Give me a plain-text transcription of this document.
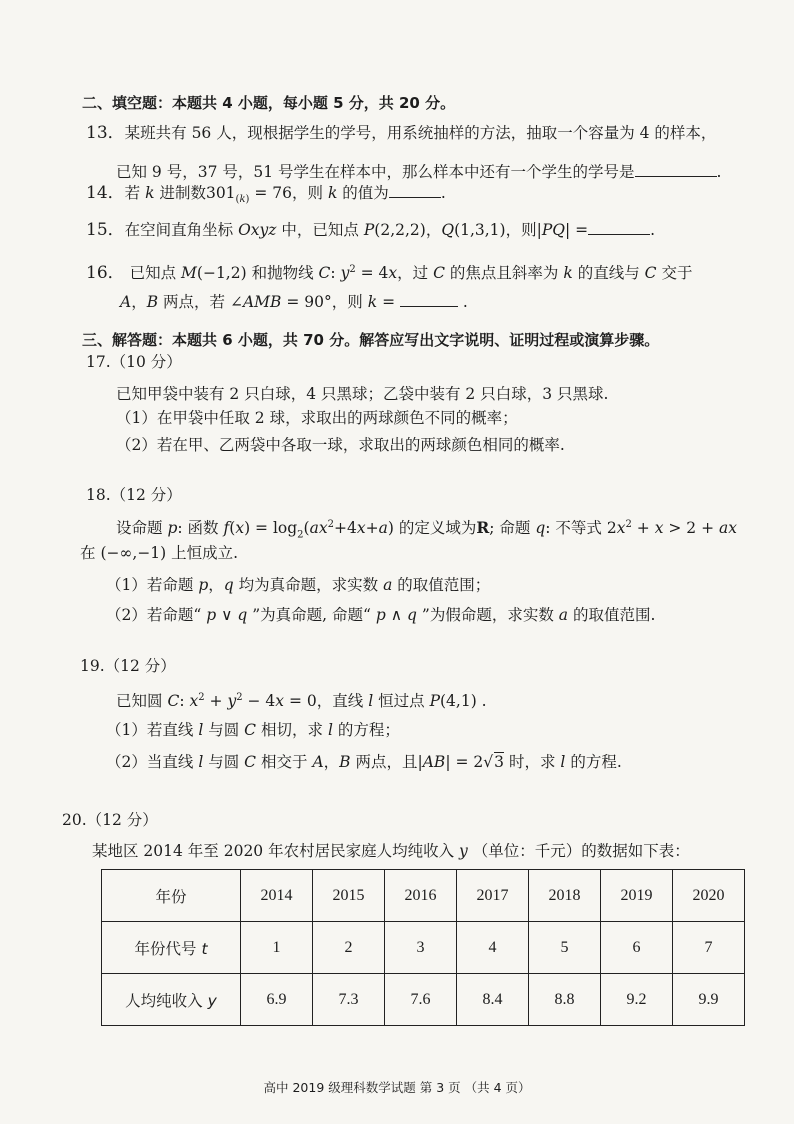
二、填空题：本题共 4 小题，每小题 5 分，共 20 分。
13．某班共有 56 人，现根据学生的学号，用系统抽样的方法，抽取一个容量为 4 的样本，
已知 9 号，37 号，51 号学生在样本中，那么样本中还有一个学生的学号是	.
14．若 k 进制数$301_{(k)} = 76$，则 k 的值为	.
15．在空间直角坐标 Oxyz 中，已知点 P(2,2,2)，Q(1,3,1)，则|PQ| =	.
16． 已知点 M(−1,2) 和抛物线 C: $y^2 = 4x$，过 C 的焦点且斜率为 k 的直线与 C 交于
A，B 两点，若 ∠AMB = 90°，则 k =	.
三、解答题：本题共 6 小题，共 70 分。解答应写出文字说明、证明过程或演算步骤。
17.（10 分）
已知甲袋中装有 2 只白球，4 只黑球；乙袋中装有 2 只白球，3 只黑球.
（1）在甲袋中任取 2 球，求取出的两球颜色不同的概率；
（2）若在甲、乙两袋中各取一球，求取出的两球颜色相同的概率.
18.（12 分）
设命题 p: 函数 $f(x) = \log_2(ax^2+4x+a)$ 的定义域为R; 命题 q: 不等式 $2x^2 + x > 2$ + ax
在 (−∞,−1) 上恒成立.
（1）若命题 p，q 均为真命题，求实数 a 的取值范围；
（2）若命题“ p ∨ q ”为真命题, 命题“ p ∧ q ”为假命题，求实数 a 的取值范围.
19.（12 分）
已知圆 C: $x^2 + y^2 - 4x = 0$，直线 l 恒过点 P(4,1) .
（1）若直线 l 与圆 C 相切，求 l 的方程；
（2）当直线 l 与圆 C 相交于 A，B 两点，且|AB| = 2√3 时，求 l 的方程.
20.（12 分）
某地区 2014 年至 2020 年农村居民家庭人均纯收入 y （单位：千元）的数据如下表：
年份	2014	2015	2016	2017	2018	2019	2020
年份代号 t	1	2	3	4	5	6	7
人均纯收入 y	6.9	7.3	7.6	8.4	8.8	9.2	9.9
高中 2019 级理科数学试题 第 3 页 （共 4 页）
